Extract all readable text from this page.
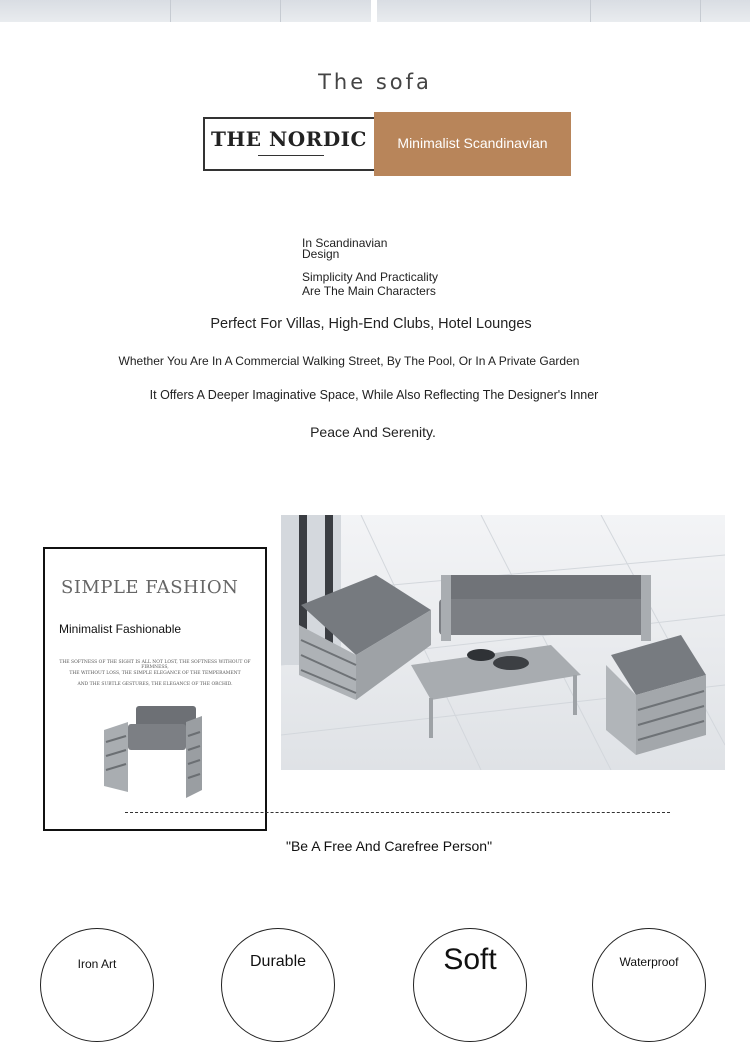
The sofa
THE NORDIC	Minimalist Scandinavian
In Scandinavian
Design
Simplicity And Practicality
Are The Main Characters
Perfect For Villas, High-End Clubs, Hotel Lounges
Whether You Are In A Commercial Walking Street, By The Pool, Or In A Private Garden
It Offers A Deeper Imaginative Space, While Also Reflecting The Designer's Inner
Peace And Serenity.
SIMPLE FASHION
Minimalist Fashionable
THE SOFTNESS OF THE SIGHT IS ALL NOT LOST, THE SOFTNESS WITHOUT OF FIRMNESS,
THE WITHOUT LOSS, THE SIMPLE ELEGANCE OF THE TEMPERAMENT
AND THE SUBTLE GESTURES, THE ELEGANCE OF THE ORCHID.
"Be A Free And Carefree Person"
Iron Art	Durable	Soft	Waterproof
